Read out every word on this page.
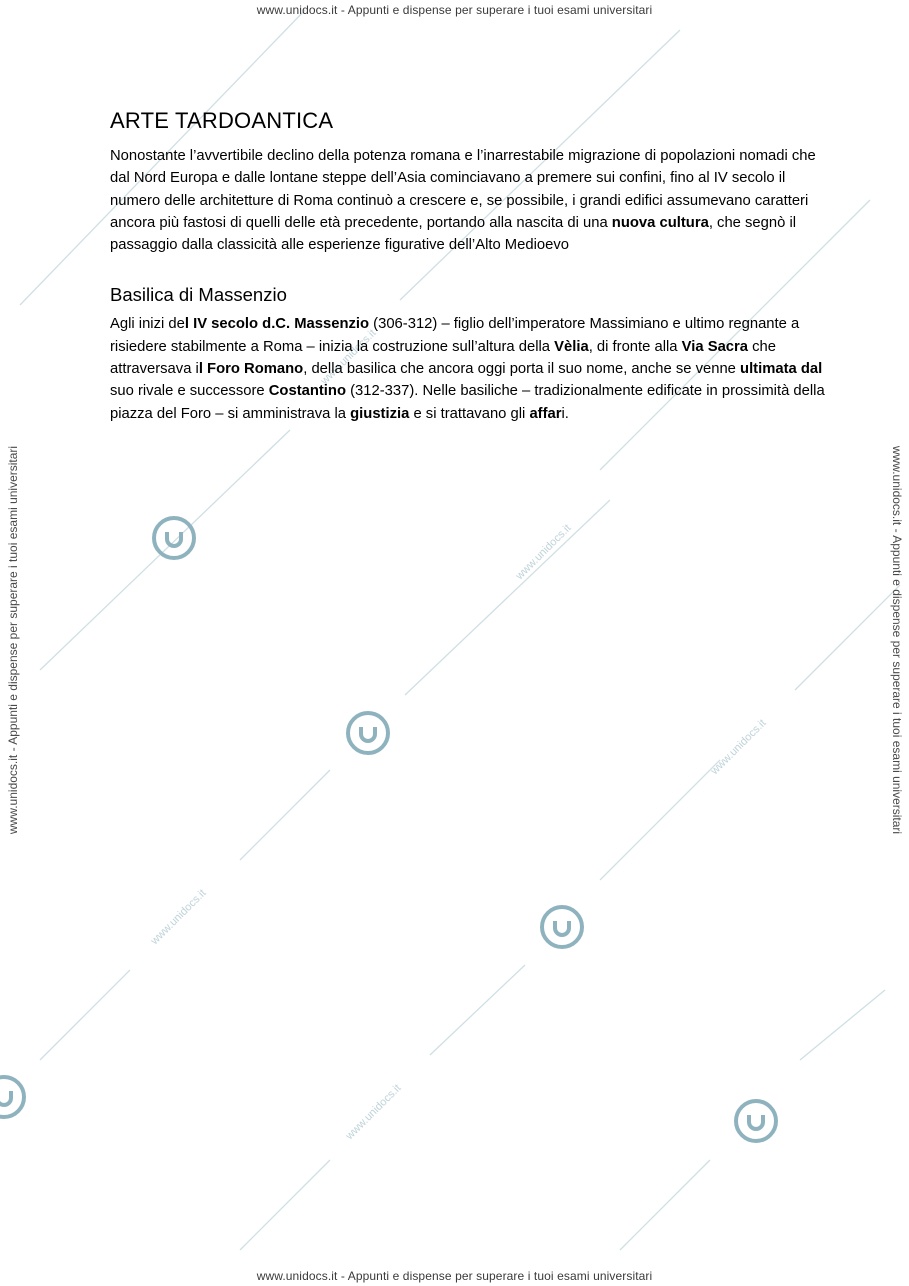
www.unidocs.it
www.unidocs.it
www.unidocs.it
www.unidocs.it
www.unidocs.it
www.unidocs.it - Appunti e dispense per superare i tuoi esami universitari
www.unidocs.it - Appunti e dispense per superare i tuoi esami universitari
www.unidocs.it - Appunti e dispense per superare i tuoi esami universitari	www.unidocs.it - Appunti e dispense per superare i tuoi esami universitari
ARTE TARDOANTICA

Nonostante l’avvertibile declino della potenza romana e l’inarrestabile migrazione di popolazioni nomadi che dal Nord Europa e dalle lontane steppe dell’Asia cominciavano a premere sui confini, fino al IV secolo il numero delle architetture di Roma continuò a crescere e, se possibile, i grandi edifici assumevano caratteri ancora più fastosi di quelli delle età precedente, portando alla nascita di una nuova cultura, che segnò il passaggio dalla classicità alle esperienze figurative dell’Alto Medioevo

Basilica di Massenzio

Agli inizi del IV secolo d.C. Massenzio (306-312) – figlio dell’imperatore Massimiano e ultimo regnante a risiedere stabilmente a Roma – inizia la costruzione sull’altura della Vèlia, di fronte alla Via Sacra che attraversava il Foro Romano, della basilica che ancora oggi porta il suo nome, anche se venne ultimata dal suo rivale e successore Costantino (312-337). Nelle basiliche – tradizionalmente edificate in prossimità della piazza del Foro – si amministrava la giustizia e si trattavano gli affari.
